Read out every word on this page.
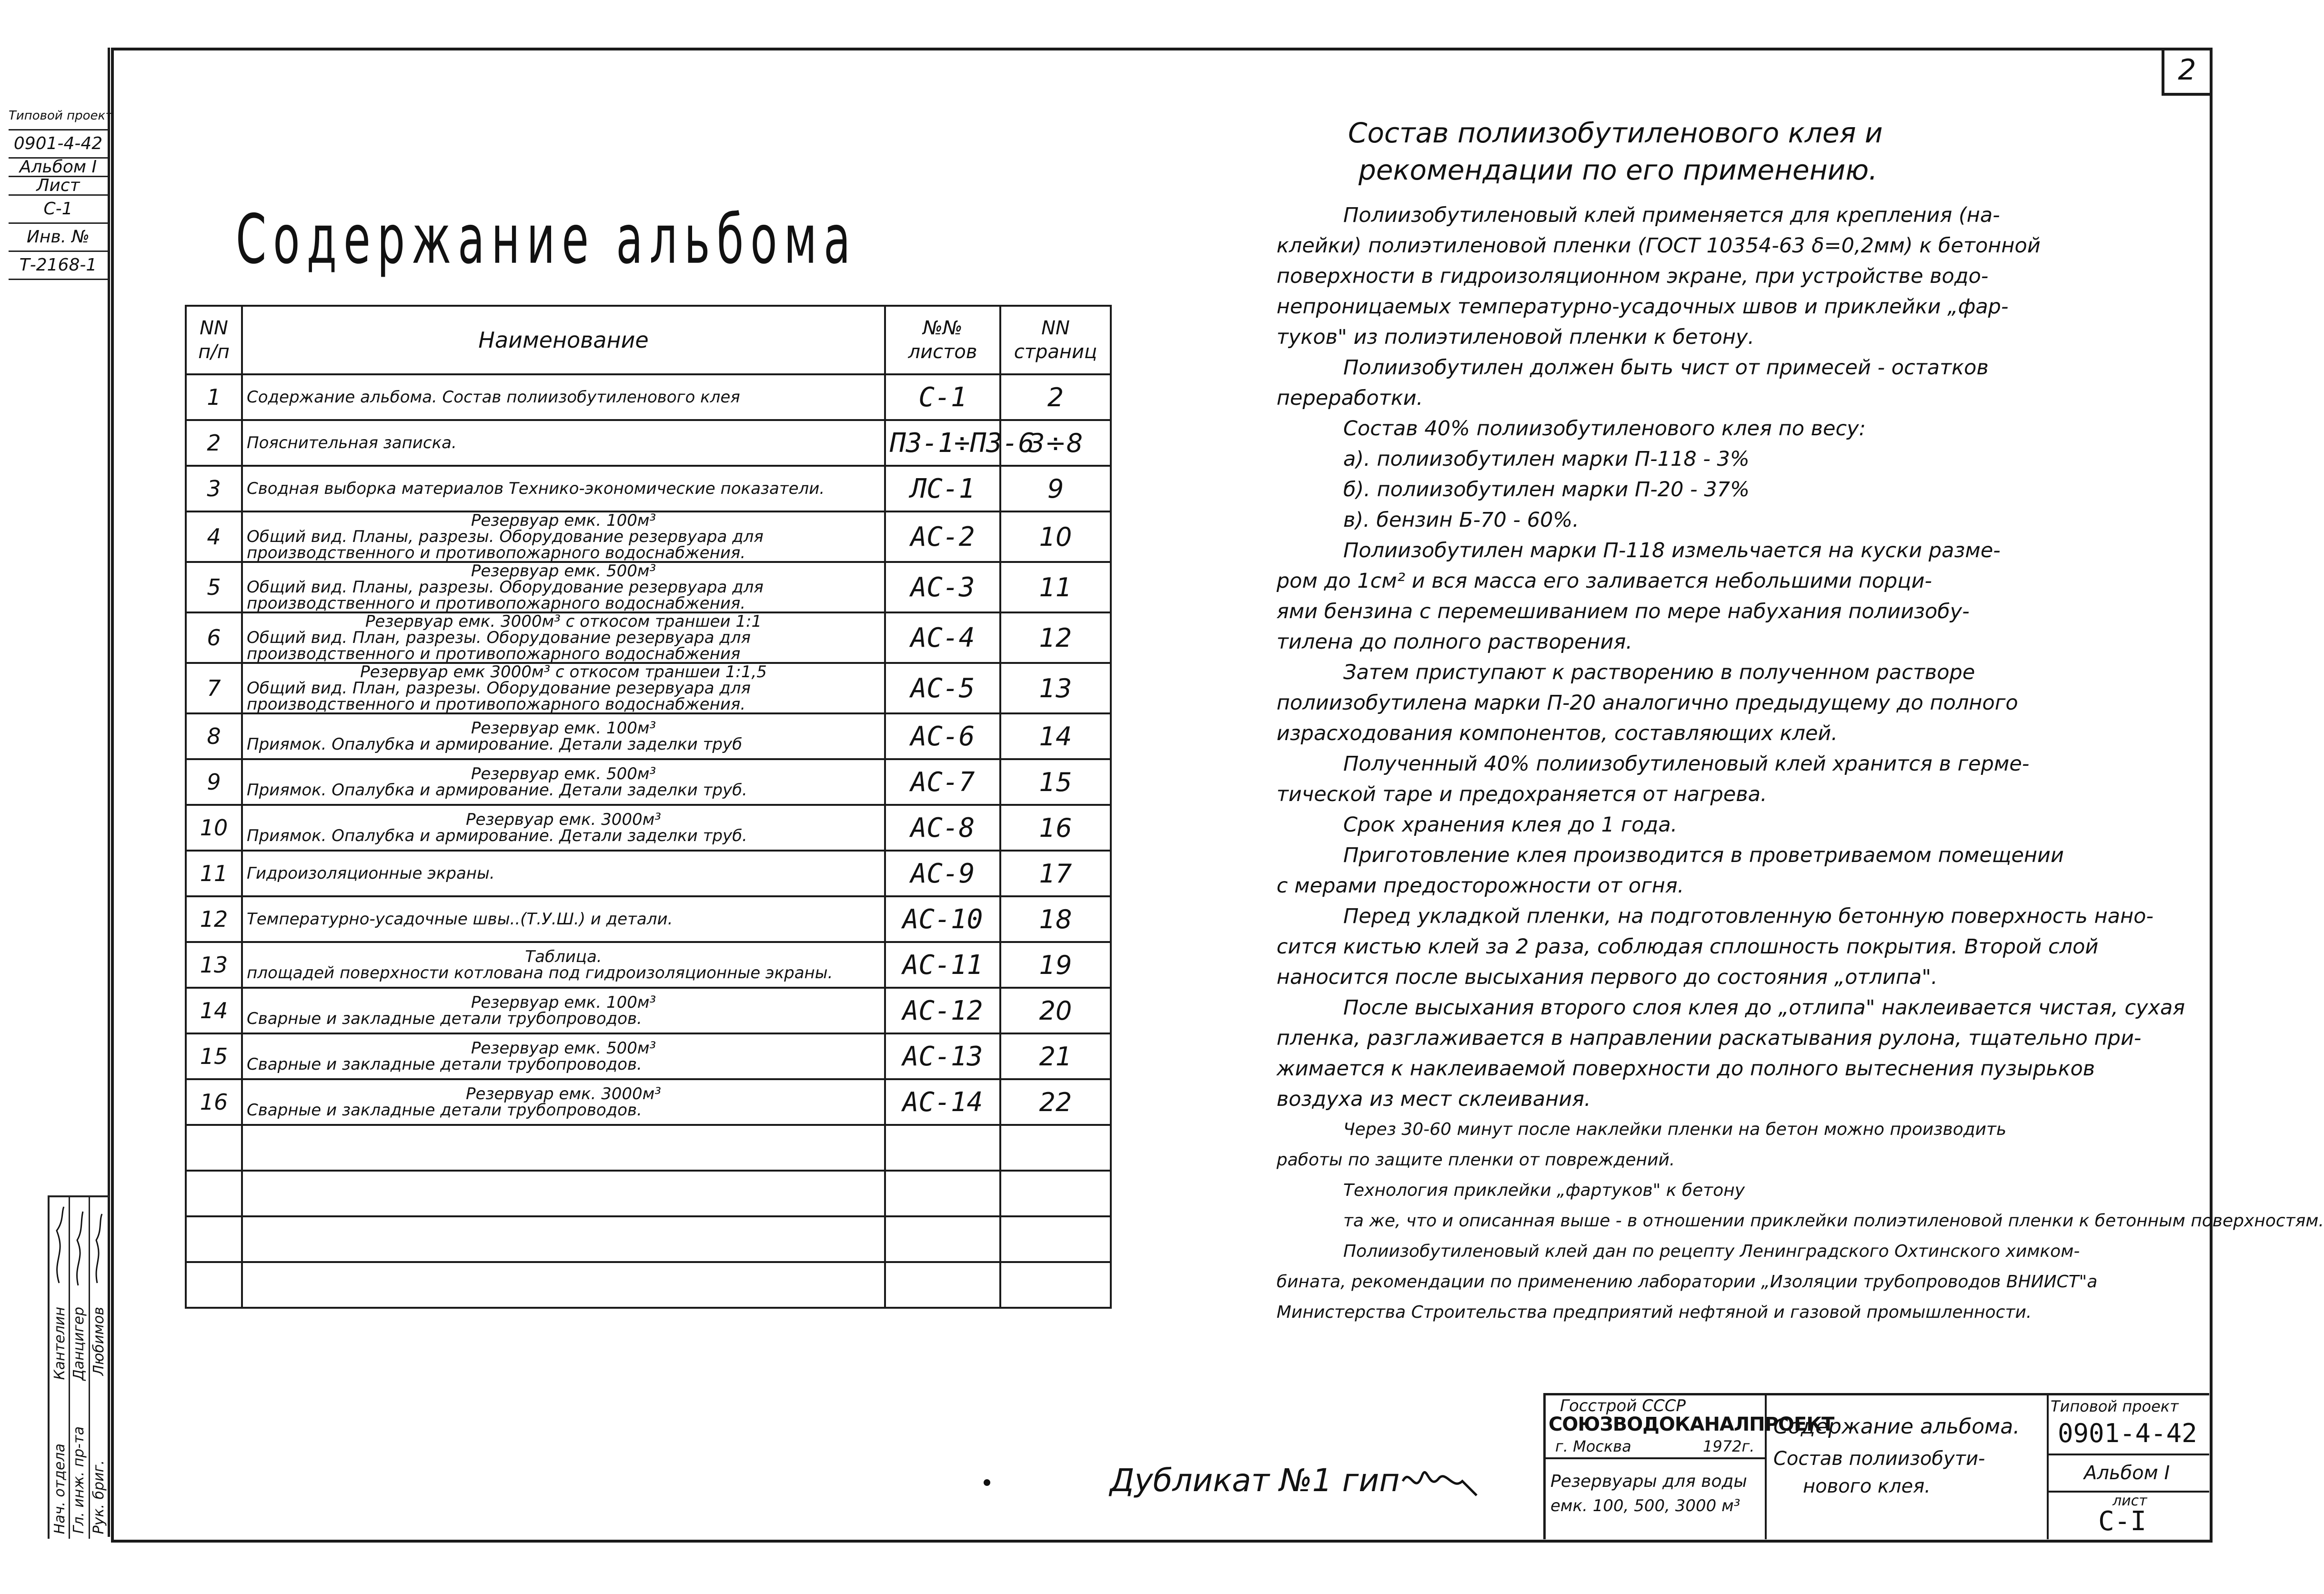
2
Типовой проект
0901-4-42
Альбом I
Лист
С-1
Инв. №
Т-2168-1
Нач. отдела Гл. инж. пр-та Рук. бриг.
Кантелин Данцигер Любимов
Содержание альбома
NN п/п	Наименование	№№ листов	NN страниц
1	Содержание альбома. Состав полиизобутиленового клея	С-1	2
2	Пояснительная записка.	ПЗ-1÷ПЗ-6	3÷8
3	Сводная выборка материалов Технико-экономические показатели.	ЛС-1	9
4	Резервуар емк. 100м³
Общий вид. Планы, разрезы. Оборудование резервуара для производственного и противопожарного водоснабжения.	АС-2	10
5	Резервуар емк. 500м³
Общий вид. Планы, разрезы. Оборудование резервуара для производственного и противопожарного водоснабжения.	АС-3	11
6	Резервуар емк. 3000м³ с откосом траншеи 1:1
Общий вид. План, разрезы. Оборудование резервуара для производственного и противопожарного водоснабжения	АС-4	12
7	Резервуар емк 3000м³ с откосом траншеи 1:1,5
Общий вид. План, разрезы. Оборудование резервуара для производственного и противопожарного водоснабжения.	АС-5	13
8	Резервуар емк. 100м³
Приямок. Опалубка и армирование. Детали заделки труб	АС-6	14
9	Резервуар емк. 500м³
Приямок. Опалубка и армирование. Детали заделки труб.	АС-7	15
10	Резервуар емк. 3000м³
Приямок. Опалубка и армирование. Детали заделки труб.	АС-8	16
11	Гидроизоляционные экраны.	АС-9	17
12	Температурно-усадочные швы..(Т.У.Ш.) и детали.	АС-10	18
13	Таблица.
площадей поверхности котлована под гидроизоляционные экраны.	АС-11	19
14	Резервуар емк. 100м³
Сварные и закладные детали трубопроводов.	АС-12	20
15	Резервуар емк. 500м³
Сварные и закладные детали трубопроводов.	АС-13	21
16	Резервуар емк. 3000м³
Сварные и закладные детали трубопроводов.	АС-14	22

Состав полиизобутиленового клея и
рекомендации по его применению.
Полиизобутиленовый клей применяется для крепления (на-
клейки) полиэтиленовой пленки (ГОСТ 10354-63 δ=0,2мм) к бетонной
поверхности в гидроизоляционном экране, при устройстве водо-
непроницаемых температурно-усадочных швов и приклейки „фар-
туков" из полиэтиленовой пленки к бетону.
Полиизобутилен должен быть чист от примесей - остатков
переработки.
Состав 40% полиизобутиленового клея по весу:
а). полиизобутилен марки П-118 - 3%
б). полиизобутилен марки П-20 - 37%
в). бензин Б-70 - 60%.
Полиизобутилен марки П-118 измельчается на куски разме-
ром до 1см² и вся масса его заливается небольшими порци-
ями бензина с перемешиванием по мере набухания полиизобу-
тилена до полного растворения.
Затем приступают к растворению в полученном растворе
полиизобутилена марки П-20 аналогично предыдущему до полного
израсходования компонентов, составляющих клей.
Полученный 40% полиизобутиленовый клей хранится в герме-
тической таре и предохраняется от нагрева.
Срок хранения клея до 1 года.
Приготовление клея производится в проветриваемом помещении
с мерами предосторожности от огня.
Перед укладкой пленки, на подготовленную бетонную поверхность нано-
сится кистью клей за 2 раза, соблюдая сплошность покрытия. Второй слой
наносится после высыхания первого до состояния „отлипа".
После высыхания второго слоя клея до „отлипа" наклеивается чистая, сухая
пленка, разглаживается в направлении раскатывания рулона, тщательно при-
жимается к наклеиваемой поверхности до полного вытеснения пузырьков
воздуха из мест склеивания.
Через 30-60 минут после наклейки пленки на бетон можно производить
работы по защите пленки от повреждений.
Технология приклейки „фартуков" к бетону
та же, что и описанная выше - в отношении приклейки полиэтиленовой пленки к бетонным поверхностям.
Полиизобутиленовый клей дан по рецепту Ленинградского Охтинского химком-
бината, рекомендации по применению лаборатории „Изоляции трубопроводов ВНИИСТ"а
Министерства Строительства предприятий нефтяной и газовой промышленности.
Дубликат №1 гип
Госстрой СССР
СОЮЗВОДОКАНАЛПРОЕКТ
г. Москва	1972г.
Резервуары для воды
емк. 100, 500, 3000 м³
Содержание альбома.
Состав полиизобути-
нового клея.
Типовой проект
0901-4-42
Альбом I
лист
С-I
